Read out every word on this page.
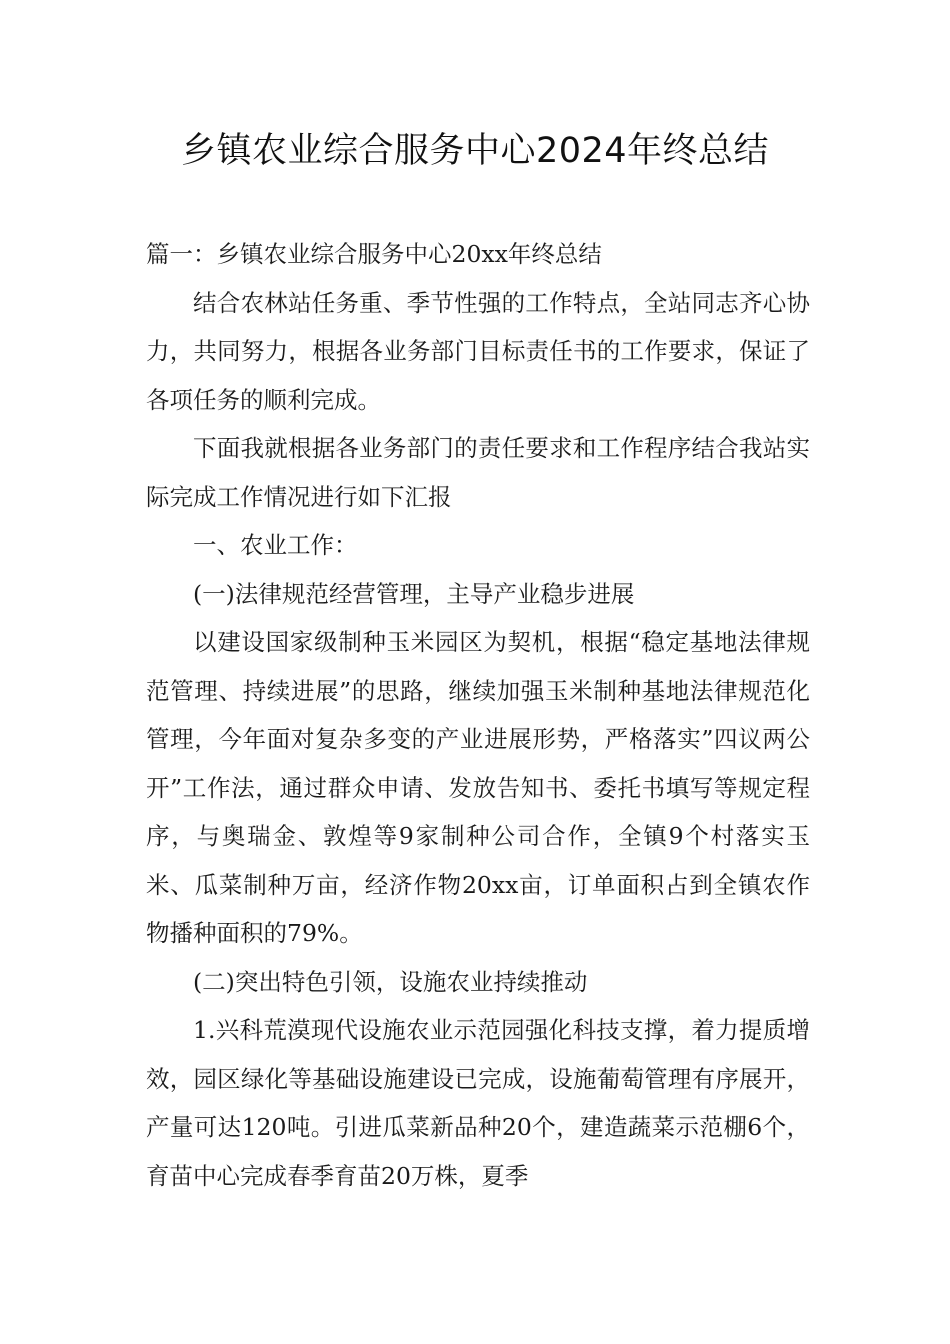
乡镇农业综合服务中心2024年终总结

篇一：乡镇农业综合服务中心20xx年终总结

结合农林站任务重、季节性强的工作特点，全站同志齐心协力，共同努力，根据各业务部门目标责任书的工作要求，保证了各项任务的顺利完成。

下面我就根据各业务部门的责任要求和工作程序结合我站实际完成工作情况进行如下汇报

一、农业工作：

(一)法律规范经营管理，主导产业稳步进展

以建设国家级制种玉米园区为契机，根据“稳定基地法律规范管理、持续进展”的思路，继续加强玉米制种基地法律规范化管理，今年面对复杂多变的产业进展形势，严格落实”四议两公开”工作法，通过群众申请、发放告知书、委托书填写等规定程序，与奥瑞金、敦煌等9家制种公司合作，全镇9个村落实玉米、瓜菜制种万亩，经济作物20xx亩，订单面积占到全镇农作物播种面积的79%。

(二)突出特色引领，设施农业持续推动

1.兴科荒漠现代设施农业示范园强化科技支撑，着力提质增效，园区绿化等基础设施建设已完成，设施葡萄管理有序展开，产量可达120吨。引进瓜菜新品种20个，建造蔬菜示范棚6个，育苗中心完成春季育苗20万株，夏季
